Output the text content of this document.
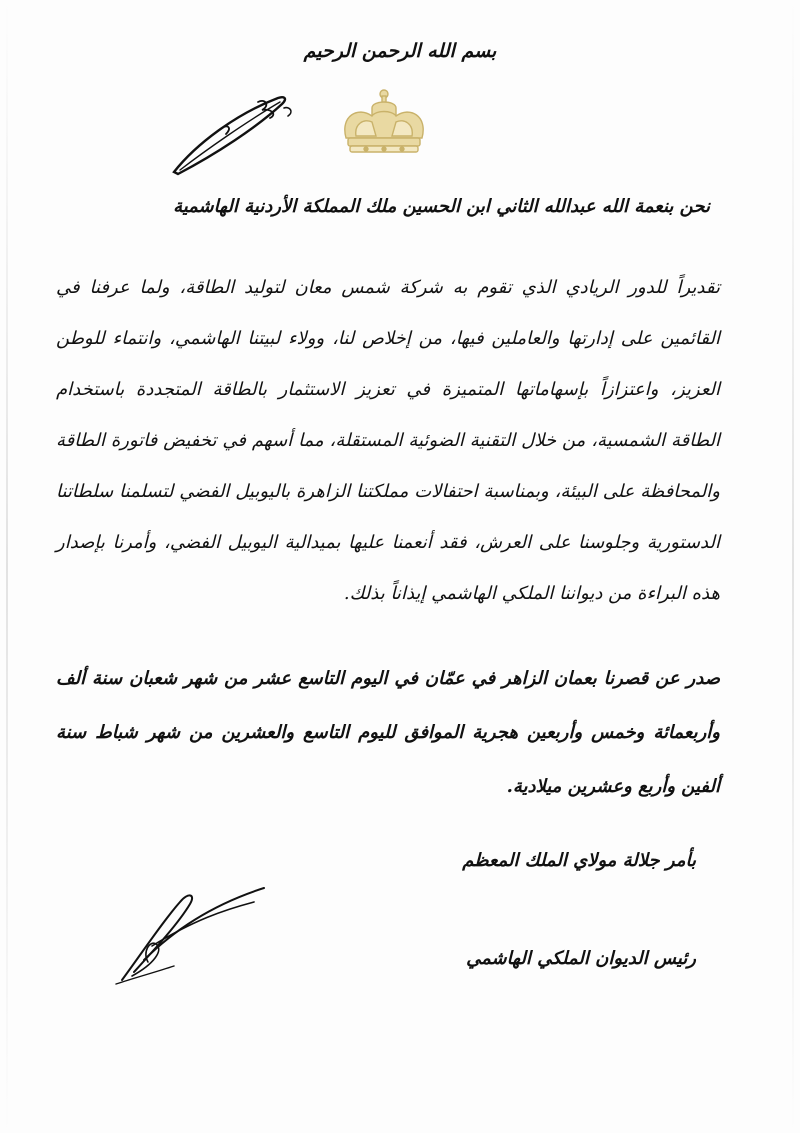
بسم الله الرحمن الرحيم
نحن بنعمة الله عبدالله الثاني ابن الحسين ملك المملكة الأردنية الهاشمية
تقديراً للدور الريادي الذي تقوم به شركة شمس معان لتوليد الطاقة، ولما عرفنا في القائمين على إدارتها والعاملين فيها، من إخلاص لنا، وولاء لبيتنا الهاشمي، وانتماء للوطن العزيز، واعتزازاً بإسهاماتها المتميزة في تعزيز الاستثمار بالطاقة المتجددة باستخدام الطاقة الشمسية، من خلال التقنية الضوئية المستقلة، مما أسهم في تخفيض فاتورة الطاقة والمحافظة على البيئة، وبمناسبة احتفالات مملكتنا الزاهرة باليوبيل الفضي لتسلمنا سلطاتنا الدستورية وجلوسنا على العرش، فقد أنعمنا عليها بميدالية اليوبيل الفضي، وأمرنا بإصدار هذه البراءة من ديواننا الملكي الهاشمي إيذاناً بذلك.
صدر عن قصرنا بعمان الزاهر في عمّان في اليوم التاسع عشر من شهر شعبان سنة ألف وأربعمائة وخمس وأربعين هجرية الموافق لليوم التاسع والعشرين من شهر شباط سنة ألفين وأربع وعشرين ميلادية.
بأمر جلالة مولاي الملك المعظم
رئيس الديوان الملكي الهاشمي
